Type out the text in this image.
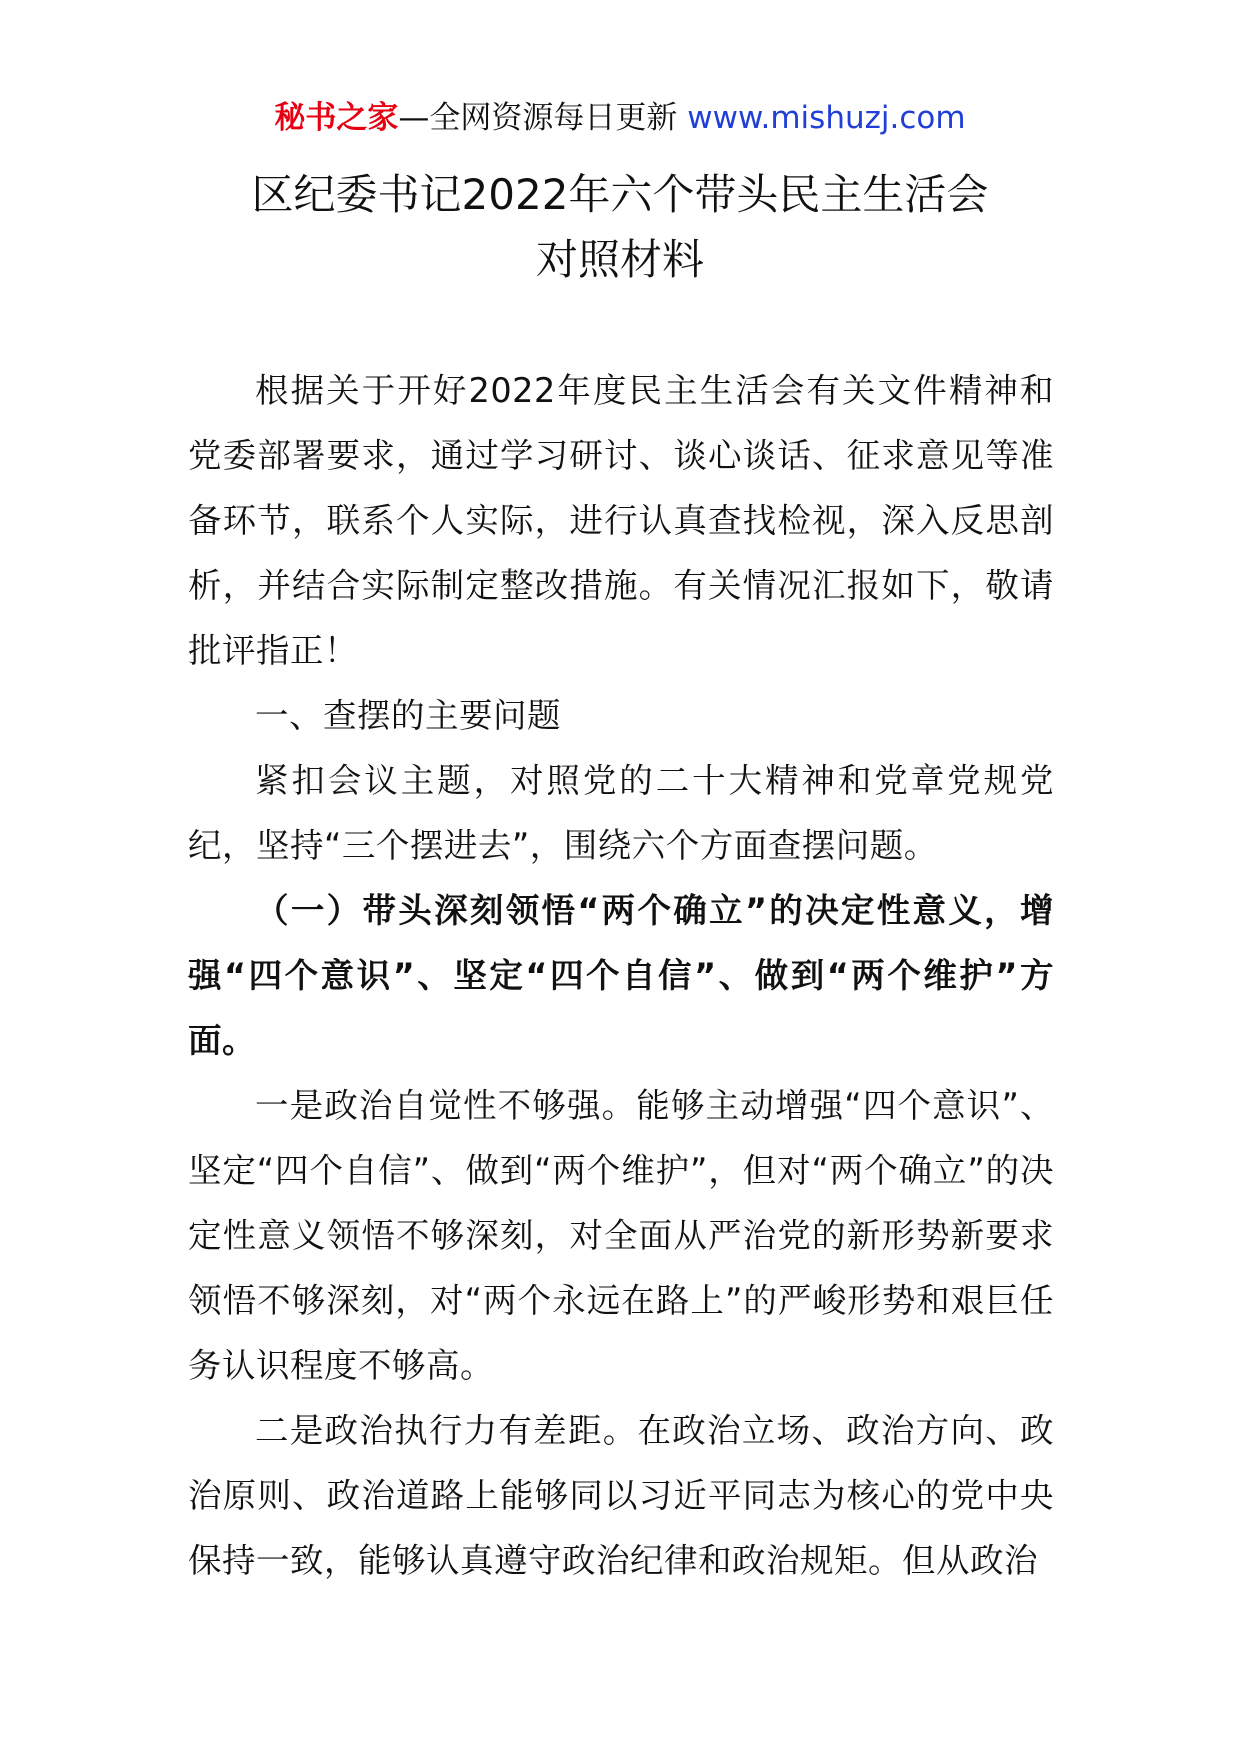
秘书之家—全网资源每日更新 www.mishuzj.com
区纪委书记2022年六个带头民主生活会
对照材料

根据关于开好2022年度民主生活会有关文件精神和党委部署要求，通过学习研讨、谈心谈话、征求意见等准备环节，联系个人实际，进行认真查找检视，深入反思剖析，并结合实际制定整改措施。有关情况汇报如下，敬请批评指正！

一、查摆的主要问题

紧扣会议主题，对照党的二十大精神和党章党规党纪，坚持“三个摆进去”，围绕六个方面查摆问题。

（一）带头深刻领悟“两个确立”的决定性意义，增强“四个意识”、坚定“四个自信”、做到“两个维护”方面。

一是政治自觉性不够强。能够主动增强“四个意识”、坚定“四个自信”、做到“两个维护”，但对“两个确立”的决定性意义领悟不够深刻，对全面从严治党的新形势新要求领悟不够深刻，对“两个永远在路上”的严峻形势和艰巨任务认识程度不够高。

二是政治执行力有差距。在政治立场、政治方向、政治原则、政治道路上能够同以习近平同志为核心的党中央保持一致，能够认真遵守政治纪律和政治规矩。但从政治
